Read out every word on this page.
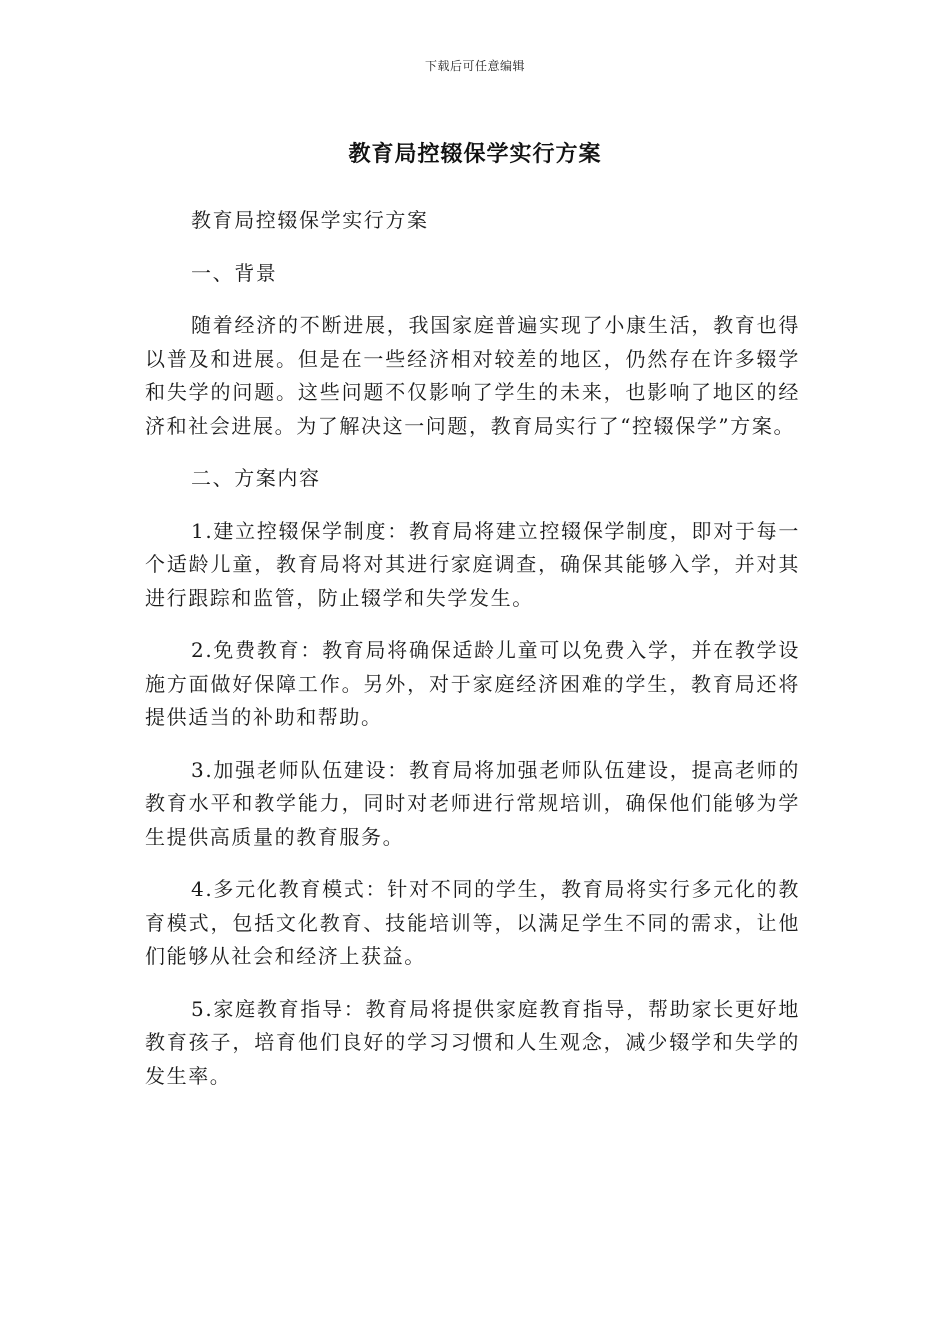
下载后可任意编辑
教育局控辍保学实行方案

教育局控辍保学实行方案

一、背景

随着经济的不断进展，我国家庭普遍实现了小康生活，教育也得以普及和进展。但是在一些经济相对较差的地区，仍然存在许多辍学和失学的问题。这些问题不仅影响了学生的未来，也影响了地区的经济和社会进展。为了解决这一问题，教育局实行了“控辍保学”方案。

二、方案内容

1.建立控辍保学制度：教育局将建立控辍保学制度，即对于每一个适龄儿童，教育局将对其进行家庭调查，确保其能够入学，并对其进行跟踪和监管，防止辍学和失学发生。

2.免费教育：教育局将确保适龄儿童可以免费入学，并在教学设施方面做好保障工作。另外，对于家庭经济困难的学生，教育局还将提供适当的补助和帮助。

3.加强老师队伍建设：教育局将加强老师队伍建设，提高老师的教育水平和教学能力，同时对老师进行常规培训，确保他们能够为学生提供高质量的教育服务。

4.多元化教育模式：针对不同的学生，教育局将实行多元化的教育模式，包括文化教育、技能培训等，以满足学生不同的需求，让他们能够从社会和经济上获益。

5.家庭教育指导：教育局将提供家庭教育指导，帮助家长更好地教育孩子，培育他们良好的学习习惯和人生观念，减少辍学和失学的发生率。
